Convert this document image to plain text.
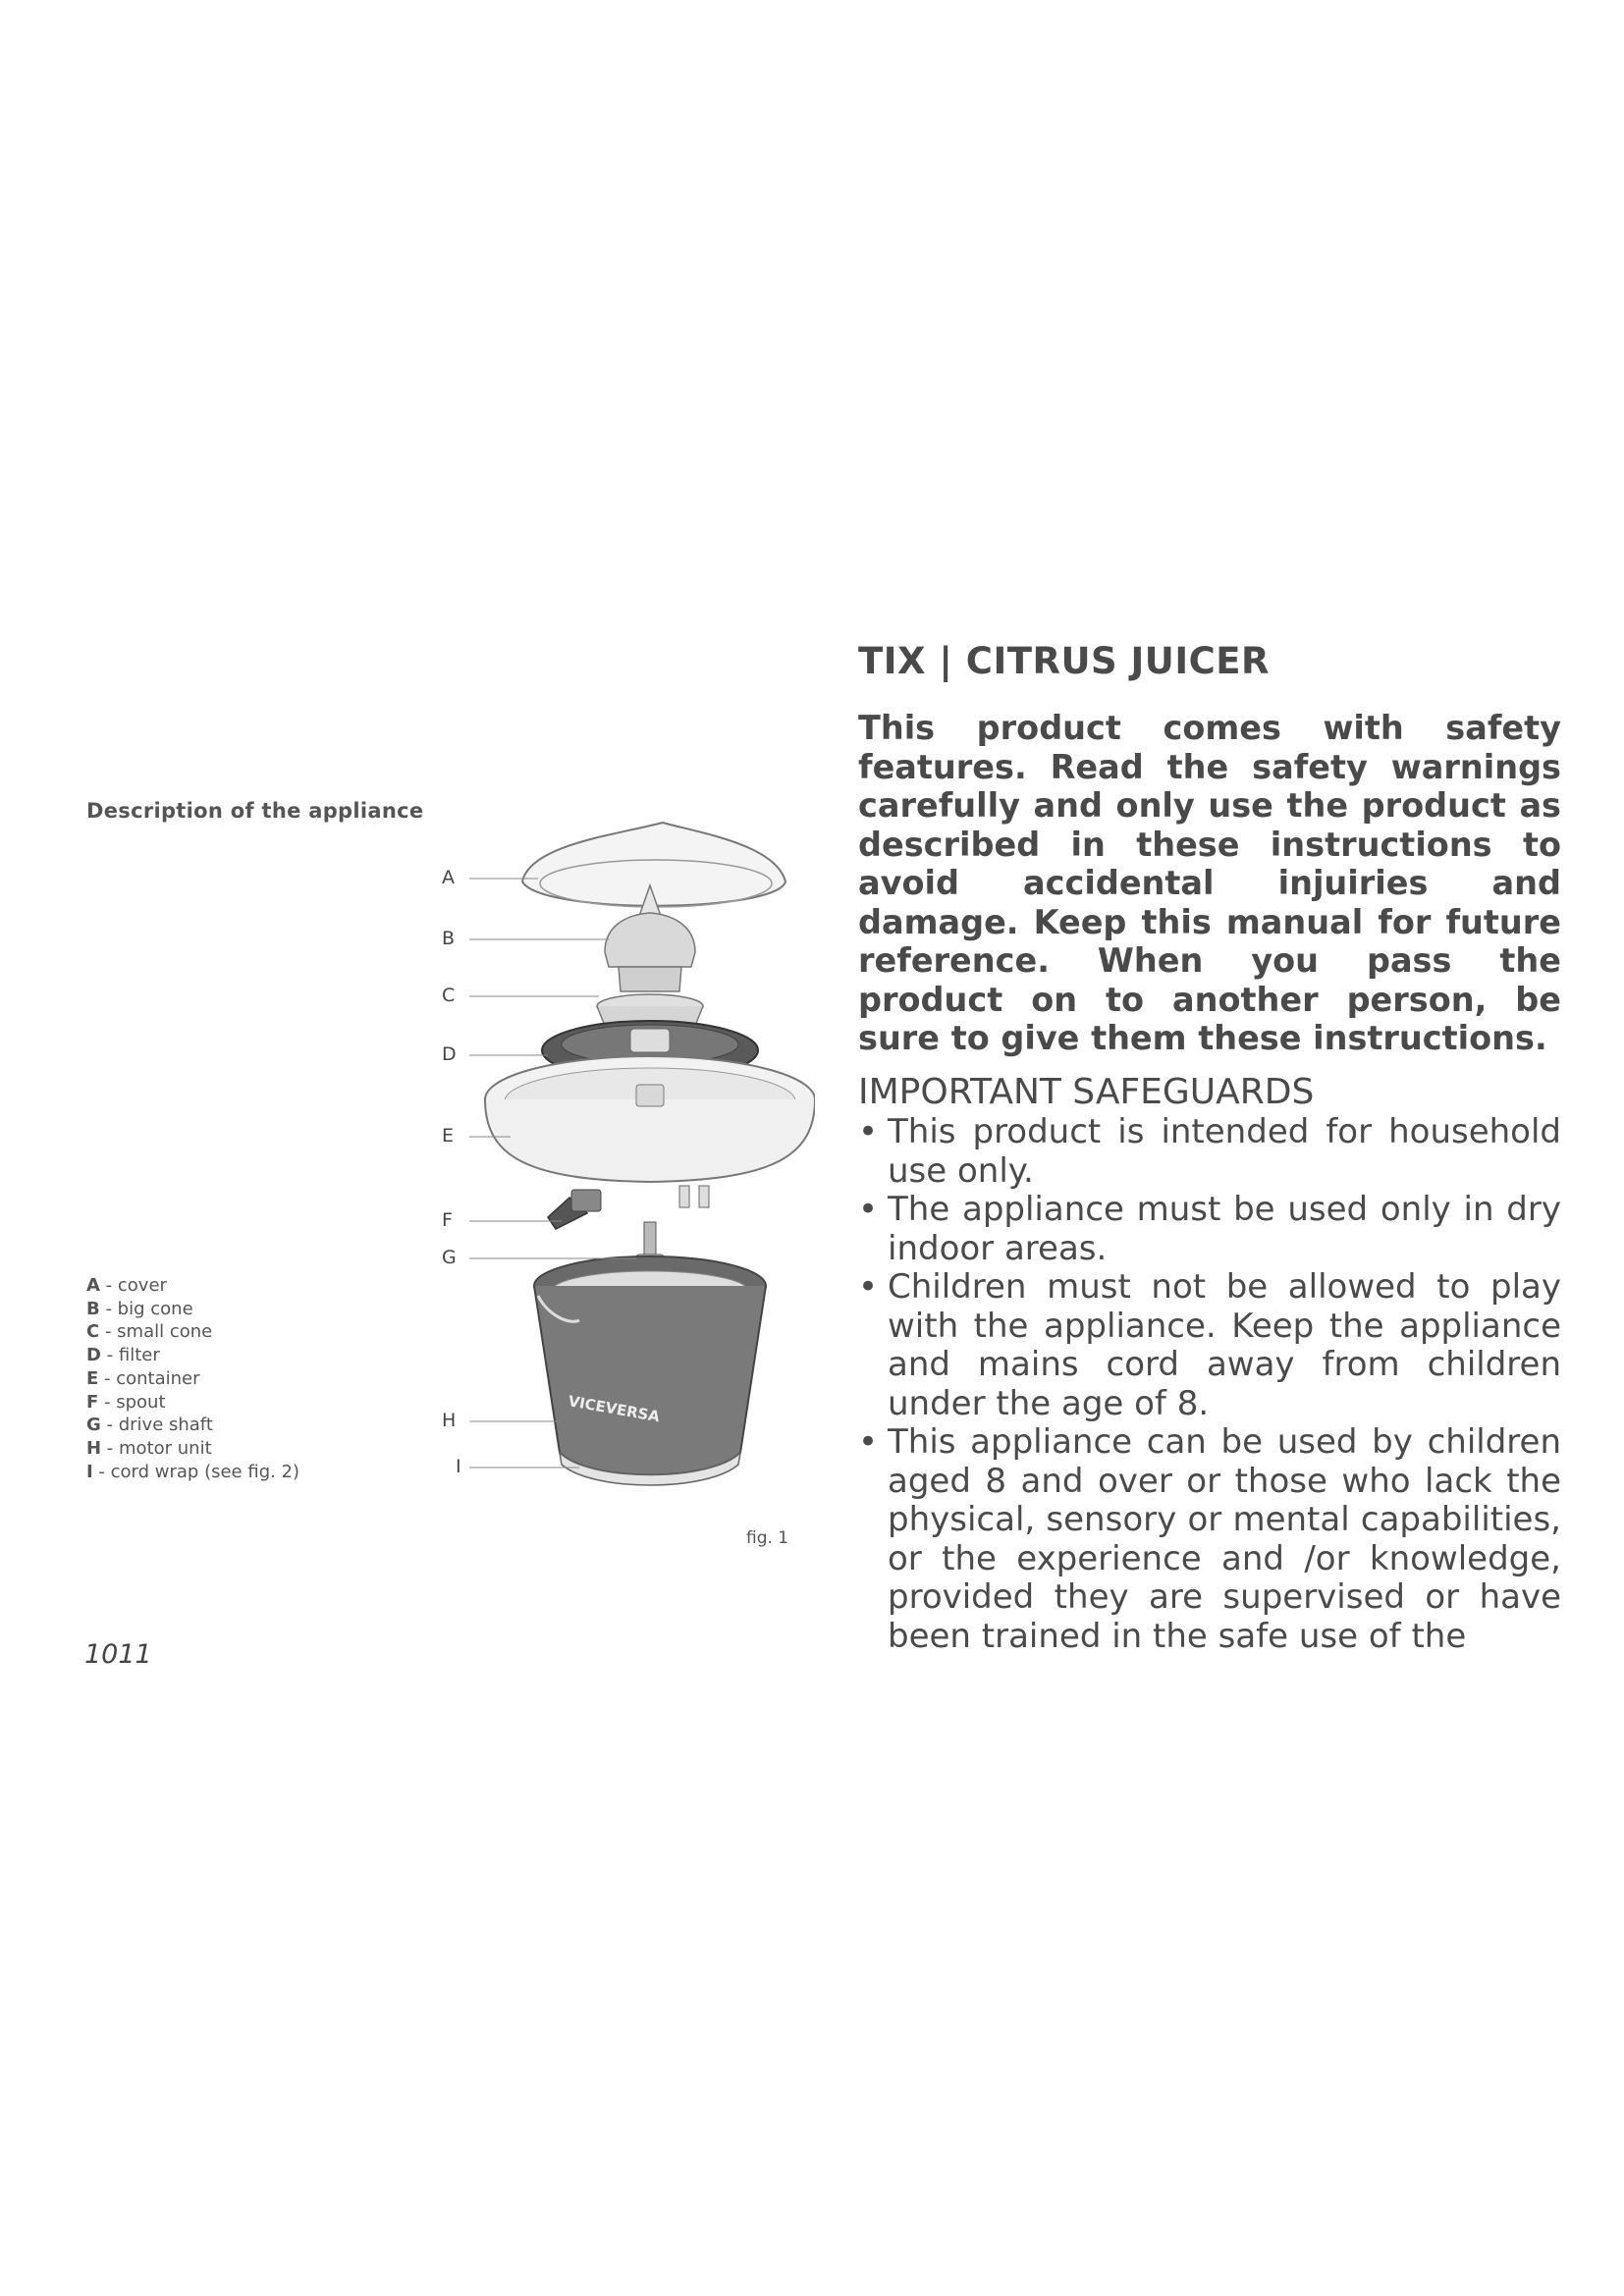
Description of the appliance
A - cover
B - big cone
C - small cone
D - filter
E - container
F - spout
G - drive shaft
H - motor unit
I - cord wrap (see fig. 2)
1011
VICEVERSA
A
B
C
D
E
F
G
H
I
fig. 1
TIX | CITRUS JUICER

This product comes with safety features. Read the safety warnings carefully and only use the product as described in these instructions to avoid accidental injuiries and damage. Keep this manual for future reference. When you pass the product on to another person, be sure to give them these instructions.

IMPORTANT SAFEGUARDS
• This product is intended for household use only.
• The appliance must be used only in dry indoor areas.
• Children must not be allowed to play with the appliance. Keep the appliance and mains cord away from children under the age of 8.
• This appliance can be used by children aged 8 and over or those who lack the physical, sensory or mental capabilities, or the experience and /or knowledge, provided they are supervised or have been trained in the safe use of the
